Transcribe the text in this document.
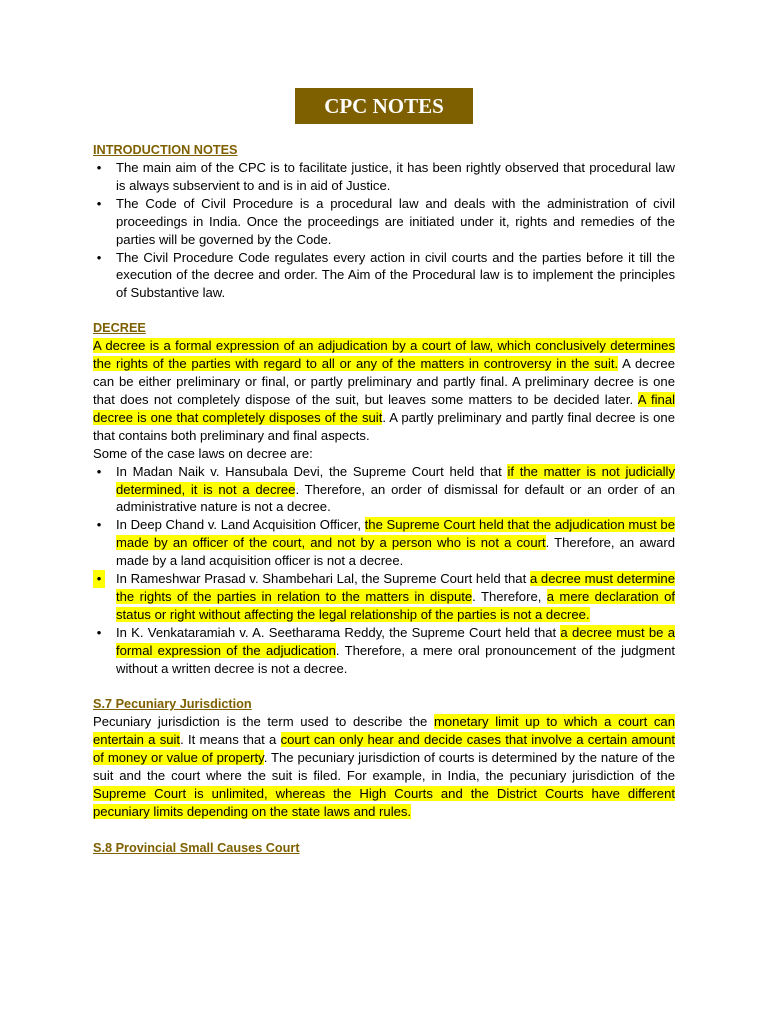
CPC NOTES
INTRODUCTION NOTES
• The main aim of the CPC is to facilitate justice, it has been rightly observed that procedural law is always subservient to and is in aid of Justice.
• The Code of Civil Procedure is a procedural law and deals with the administration of civil proceedings in India. Once the proceedings are initiated under it, rights and remedies of the parties will be governed by the Code.
• The Civil Procedure Code regulates every action in civil courts and the parties before it till the execution of the decree and order. The Aim of the Procedural law is to implement the principles of Substantive law.
DECREE

A decree is a formal expression of an adjudication by a court of law, which conclusively determines the rights of the parties with regard to all or any of the matters in controversy in the suit. A decree can be either preliminary or final, or partly preliminary and partly final. A preliminary decree is one that does not completely dispose of the suit, but leaves some matters to be decided later. A final decree is one that completely disposes of the suit. A partly preliminary and partly final decree is one that contains both preliminary and final aspects.

Some of the case laws on decree are:

• In Madan Naik v. Hansubala Devi, the Supreme Court held that if the matter is not judicially determined, it is not a decree. Therefore, an order of dismissal for default or an order of an administrative nature is not a decree.
• In Deep Chand v. Land Acquisition Officer, the Supreme Court held that the adjudication must be made by an officer of the court, and not by a person who is not a court. Therefore, an award made by a land acquisition officer is not a decree.
• In Rameshwar Prasad v. Shambehari Lal, the Supreme Court held that a decree must determine the rights of the parties in relation to the matters in dispute. Therefore, a mere declaration of status or right without affecting the legal relationship of the parties is not a decree.
• In K. Venkataramiah v. A. Seetharama Reddy, the Supreme Court held that a decree must be a formal expression of the adjudication. Therefore, a mere oral pronouncement of the judgment without a written decree is not a decree.
S.7 Pecuniary Jurisdiction

Pecuniary jurisdiction is the term used to describe the monetary limit up to which a court can entertain a suit. It means that a court can only hear and decide cases that involve a certain amount of money or value of property. The pecuniary jurisdiction of courts is determined by the nature of the suit and the court where the suit is filed. For example, in India, the pecuniary jurisdiction of the Supreme Court is unlimited, whereas the High Courts and the District Courts have different pecuniary limits depending on the state laws and rules.

S.8 Provincial Small Causes Court
